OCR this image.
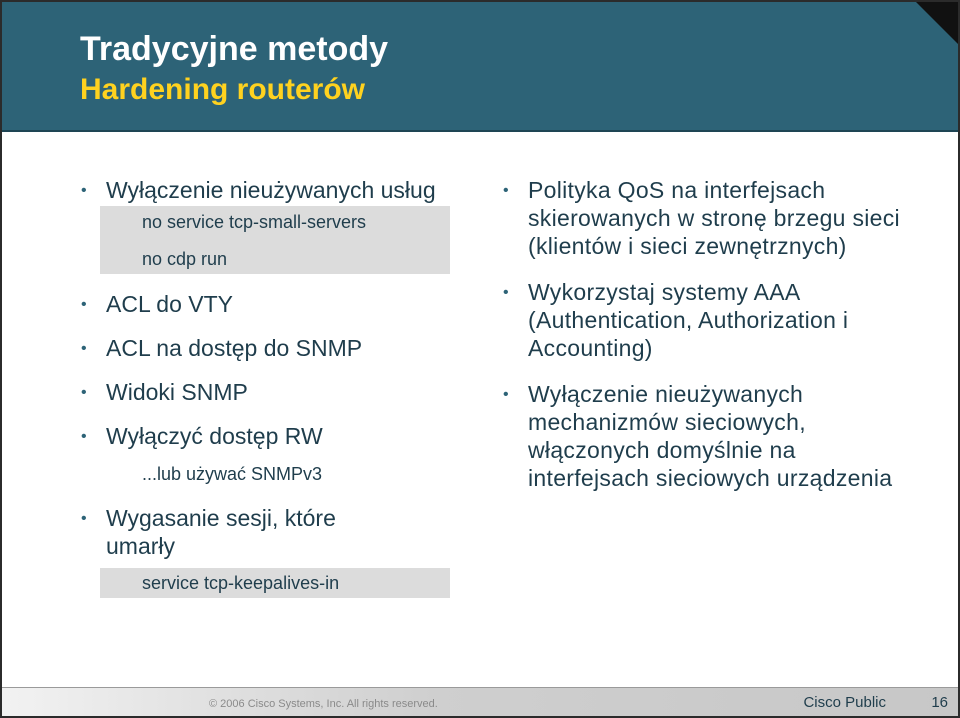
Tradycyjne metody
Hardening routerów
• Wyłączenie nieużywanych usług
no service tcp-small-servers
no cdp run
• ACL do VTY
• ACL na dostęp do SNMP
• Widoki SNMP
• Wyłączyć dostęp RW
...lub używać SNMPv3
• Wygasanie sesji, które umarły
service tcp-keepalives-in
• Polityka QoS na interfejsach skierowanych w stronę brzegu sieci (klientów i sieci zewnętrznych)
• Wykorzystaj systemy AAA (Authentication, Authorization i Accounting)
• Wyłączenie nieużywanych mechanizmów sieciowych, włączonych domyślnie na interfejsach sieciowych urządzenia
© 2006 Cisco Systems, Inc. All rights reserved.	Cisco Public	16
